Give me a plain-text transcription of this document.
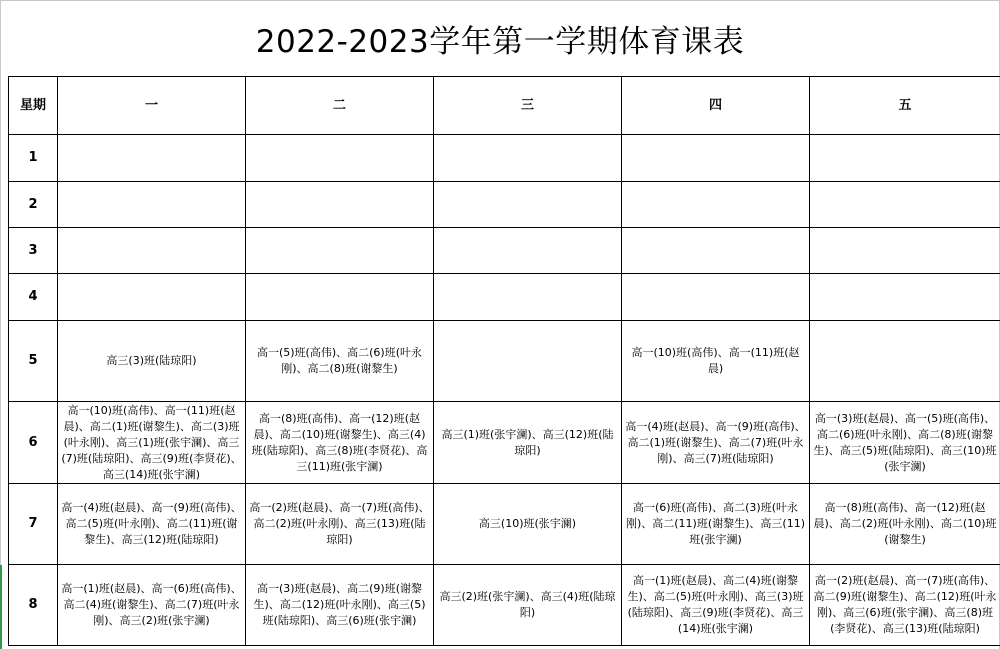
2022-2023学年第一学期体育课表
星期	一	二	三	四	五
1					
2					
3					
4					
5	高三(3)班(陆琼阳)	高一(5)班(高伟)、高二(6)班(叶永刚)、高二(8)班(谢黎生)		高一(10)班(高伟)、高一(11)班(赵晨)	
6	高一(10)班(高伟)、高一(11)班(赵晨)、高二(1)班(谢黎生)、高二(3)班(叶永刚)、高三(1)班(张宇澜)、高三(7)班(陆琼阳)、高三(9)班(李贤花)、高三(14)班(张宇澜)	高一(8)班(高伟)、高一(12)班(赵晨)、高二(10)班(谢黎生)、高三(4)班(陆琼阳)、高三(8)班(李贤花)、高三(11)班(张宇澜)	高三(1)班(张宇澜)、高三(12)班(陆琼阳)	高一(4)班(赵晨)、高一(9)班(高伟)、高二(1)班(谢黎生)、高二(7)班(叶永刚)、高三(7)班(陆琼阳)	高一(3)班(赵晨)、高一(5)班(高伟)、高二(6)班(叶永刚)、高二(8)班(谢黎生)、高三(5)班(陆琼阳)、高三(10)班(张宇澜)
7	高一(4)班(赵晨)、高一(9)班(高伟)、高二(5)班(叶永刚)、高二(11)班(谢黎生)、高三(12)班(陆琼阳)	高一(2)班(赵晨)、高一(7)班(高伟)、高二(2)班(叶永刚)、高三(13)班(陆琼阳)	高三(10)班(张宇澜)	高一(6)班(高伟)、高二(3)班(叶永刚)、高二(11)班(谢黎生)、高三(11)班(张宇澜)	高一(8)班(高伟)、高一(12)班(赵晨)、高二(2)班(叶永刚)、高二(10)班(谢黎生)
8	高一(1)班(赵晨)、高一(6)班(高伟)、高二(4)班(谢黎生)、高二(7)班(叶永刚)、高三(2)班(张宇澜)	高一(3)班(赵晨)、高二(9)班(谢黎生)、高二(12)班(叶永刚)、高三(5)班(陆琼阳)、高三(6)班(张宇澜)	高三(2)班(张宇澜)、高三(4)班(陆琼阳)	高一(1)班(赵晨)、高二(4)班(谢黎生)、高二(5)班(叶永刚)、高三(3)班(陆琼阳)、高三(9)班(李贤花)、高三(14)班(张宇澜)	高一(2)班(赵晨)、高一(7)班(高伟)、高二(9)班(谢黎生)、高二(12)班(叶永刚)、高三(6)班(张宇澜)、高三(8)班(李贤花)、高三(13)班(陆琼阳)
